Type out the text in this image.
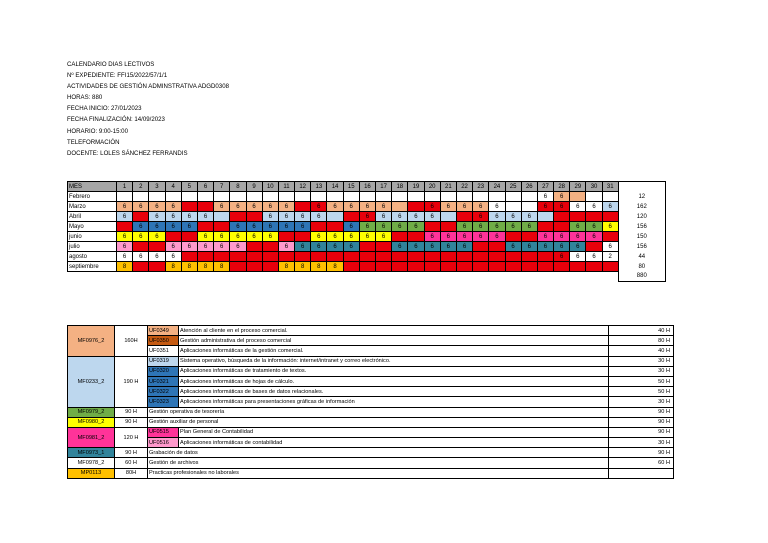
CALENDARIO DIAS LECTIVOS
Nº EXPEDIENTE: FFI15/2022/57/1/1
ACTIVIDADES DE GESTIÓN ADMINSTRATIVA ADGD0308
HORAS: 880
FECHA INICIO: 27/01/2023
FECHA FINALIZACIÓN: 14/09/2023
HORARIO: 9:00-15:00
TELEFORMACIÓN
DOCENTE: LOLES SÁNCHEZ FERRANDIS
MES	1	2	3	4	5	6	7	8	9	10	11	12	13	14	15	16	17	18	19	20	21	22	23	24	25	26	27	28	29	30	31	
Febrero																											6	6				12
Marzo	6	6	6	6			6	6	6	6	6		6	6	6	6	6			6	6	6	6	6			6	6	6	6	6	162
Abril	6		6	6	6	6				6	6	6	6			6	6	6	6	6			6	6	6	6						120
Mayo		6	6	6	6			6	6	6	6	6			6	6	6	6	6			6	6	6	6	6			6	6	6	156
junio	6	6	6			6	6	6	6	6			6	6	6	6	6			6	6	6	6	6			6	6	6	6		150
julio	6			6	6	6	6	6			6	6	6	6	6			6	6	6	6	6			6	6	6	6	6		6	156
agosto	6	6	6	6																								6	6	6	2	44
septiembre	8			8	8	8	8				8	8	8	8																		80
																																880
MF0976_2	160H	UF0349	Atención al cliente en el proceso comercial.	40 H
		UF0350	Gestión administrativa del proceso comercial	80 H
		UF0351	Aplicaciones informáticas de la gestión comercial.	40 H
MF0233_2	190 H	UF0319	Sistema operativo, búsqueda de la información: internet/intranet y correo electrónico.	30 H
		UF0320	Aplicaciones informáticas de tratamiento de textos.	30 H
		UF0321	Aplicaciones informáticas de hojas de cálculo.	50 H
		UF0322	Aplicaciones informáticas de bases de datos relacionales.	50 H
		UF0323	Aplicaciones informáticas para presentaciones gráficas de información	30 H
MF0979_2	90 H	Gestión operativa de tesorería		90 H
MF0980_2	90 H	Gestión auxiliar de personal		90 H
MF0981_2	120 H	UF0515	Plan General de Contabilidad	90 H
		UF0516	Aplicaciones informáticas de contabilidad	30 H
MF0973_1	90 H	Grabación de datos		90 H
MF0978_2	60 H	Gestión de archivos		60 H
MP0113	80H	Practicas profesionales no laborales		
